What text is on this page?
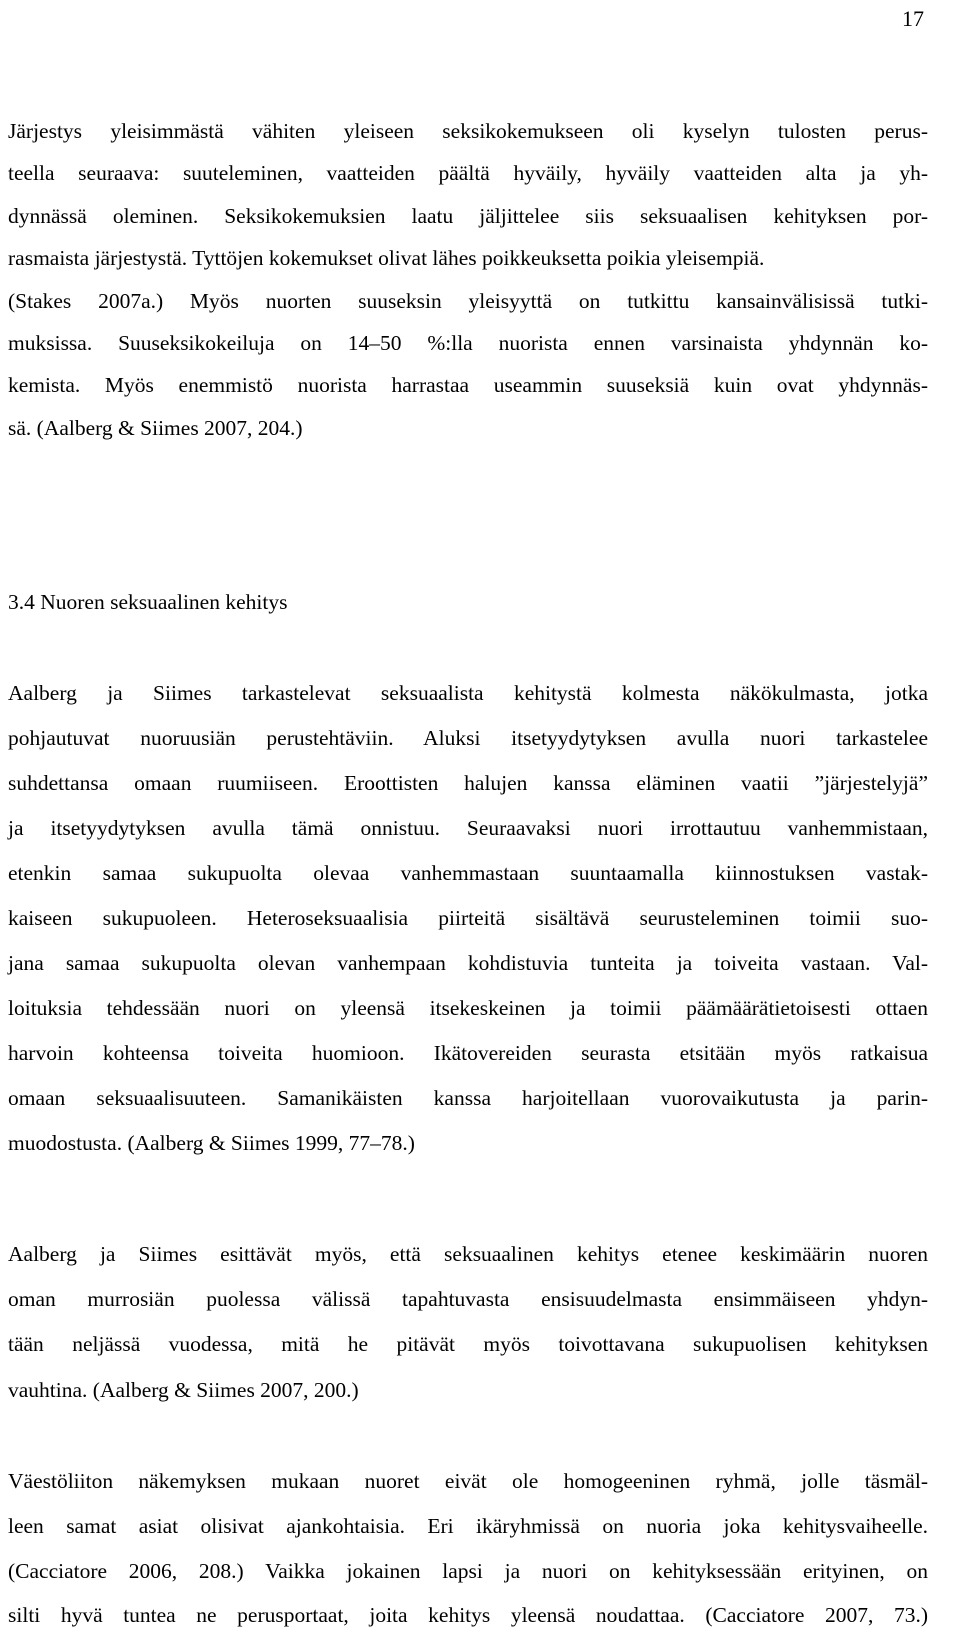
17
Järjestys yleisimmästä vähiten yleiseen seksikokemukseen oli kyselyn tulosten perus-
teella seuraava: suuteleminen, vaatteiden päältä hyväily, hyväily vaatteiden alta ja yh-
dynnässä oleminen. Seksikokemuksien laatu jäljittelee siis seksuaalisen kehityksen por-
rasmaista järjestystä. Tyttöjen kokemukset olivat lähes poikkeuksetta poikia yleisempiä.
(Stakes 2007a.) Myös nuorten suuseksin yleisyyttä on tutkittu kansainvälisissä tutki-
muksissa. Suuseksikokeiluja on 14–50 %:lla nuorista ennen varsinaista yhdynnän ko-
kemista. Myös enemmistö nuorista harrastaa useammin suuseksiä kuin ovat yhdynnäs-
sä. (Aalberg & Siimes 2007, 204.)
3.4 Nuoren seksuaalinen kehitys
Aalberg ja Siimes tarkastelevat seksuaalista kehitystä kolmesta näkökulmasta, jotka
pohjautuvat nuoruusiän perustehtäviin. Aluksi itsetyydytyksen avulla nuori tarkastelee
suhdettansa omaan ruumiiseen. Eroottisten halujen kanssa eläminen vaatii ”järjestelyjä”
ja itsetyydytyksen avulla tämä onnistuu. Seuraavaksi nuori irrottautuu vanhemmistaan,
etenkin samaa sukupuolta olevaa vanhemmastaan suuntaamalla kiinnostuksen vastak-
kaiseen sukupuoleen. Heteroseksuaalisia piirteitä sisältävä seurusteleminen toimii suo-
jana samaa sukupuolta olevan vanhempaan kohdistuvia tunteita ja toiveita vastaan. Val-
loituksia tehdessään nuori on yleensä itsekeskeinen ja toimii päämäärätietoisesti ottaen
harvoin kohteensa toiveita huomioon. Ikätovereiden seurasta etsitään myös ratkaisua
omaan seksuaalisuuteen. Samanikäisten kanssa harjoitellaan vuorovaikutusta ja parin-
muodostusta. (Aalberg & Siimes 1999, 77–78.)
Aalberg ja Siimes esittävät myös, että seksuaalinen kehitys etenee keskimäärin nuoren
oman murrosiän puolessa välissä tapahtuvasta ensisuudelmasta ensimmäiseen yhdyn-
tään neljässä vuodessa, mitä he pitävät myös toivottavana sukupuolisen kehityksen
vauhtina. (Aalberg & Siimes 2007, 200.)
Väestöliiton näkemyksen mukaan nuoret eivät ole homogeeninen ryhmä, jolle täsmäl-
leen samat asiat olisivat ajankohtaisia. Eri ikäryhmissä on nuoria joka kehitysvaiheelle.
(Cacciatore 2006, 208.) Vaikka jokainen lapsi ja nuori on kehityksessään erityinen, on
silti hyvä tuntea ne perusportaat, joita kehitys yleensä noudattaa. (Cacciatore 2007, 73.)
